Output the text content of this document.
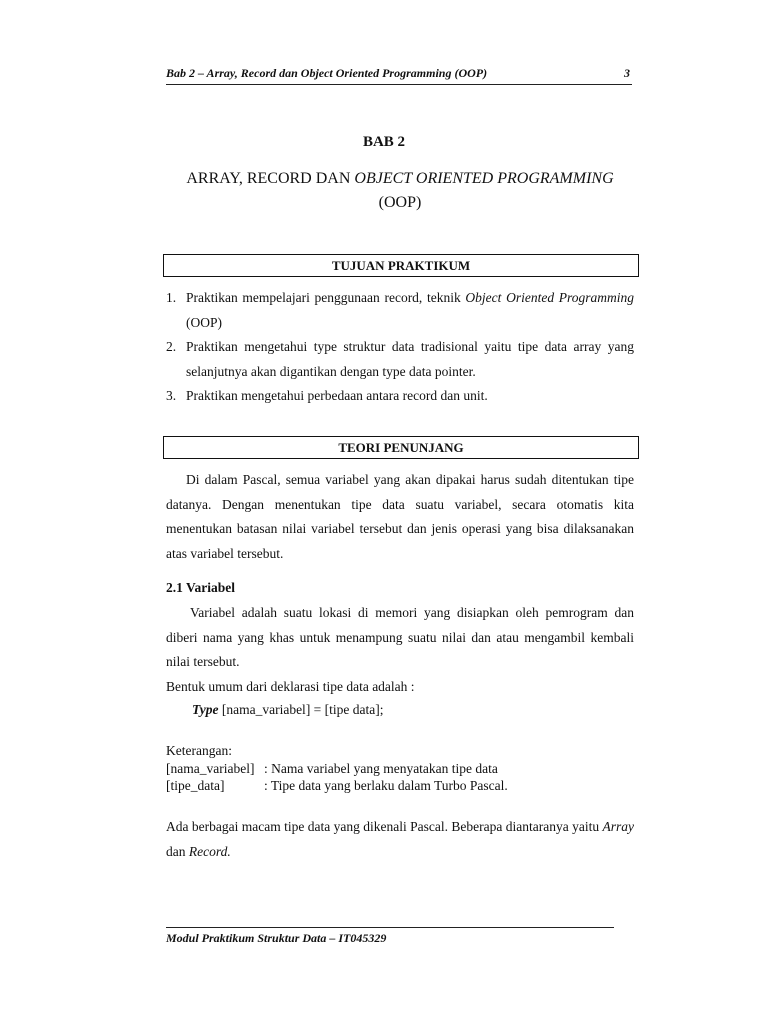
Bab 2 – Array, Record dan Object Oriented Programming (OOP)	3
BAB 2
ARRAY, RECORD DAN OBJECT ORIENTED PROGRAMMING
(OOP)
TUJUAN PRAKTIKUM
1. Praktikan mempelajari penggunaan record, teknik Object Oriented Programming (OOP)
2. Praktikan mengetahui type struktur data tradisional yaitu tipe data array yang selanjutnya akan digantikan dengan type data pointer.
3. Praktikan mengetahui perbedaan antara record dan unit.
TEORI PENUNJANG
Di dalam Pascal, semua variabel yang akan dipakai harus sudah ditentukan tipe datanya. Dengan menentukan tipe data suatu variabel, secara otomatis kita menentukan batasan nilai variabel tersebut dan jenis operasi yang bisa dilaksanakan atas variabel tersebut.
2.1 Variabel
Variabel adalah suatu lokasi di memori yang disiapkan oleh pemrogram dan diberi nama yang khas untuk menampung suatu nilai dan atau mengambil kembali nilai tersebut.
Bentuk umum dari deklarasi tipe data adalah :
Type [nama_variabel] = [tipe data];
Keterangan:
[nama_variabel] : Nama variabel yang menyatakan tipe data
[tipe_data]	: Tipe data yang berlaku dalam Turbo Pascal.
Ada berbagai macam tipe data yang dikenali Pascal. Beberapa diantaranya yaitu Array dan Record.
Modul Praktikum Struktur Data – IT045329
